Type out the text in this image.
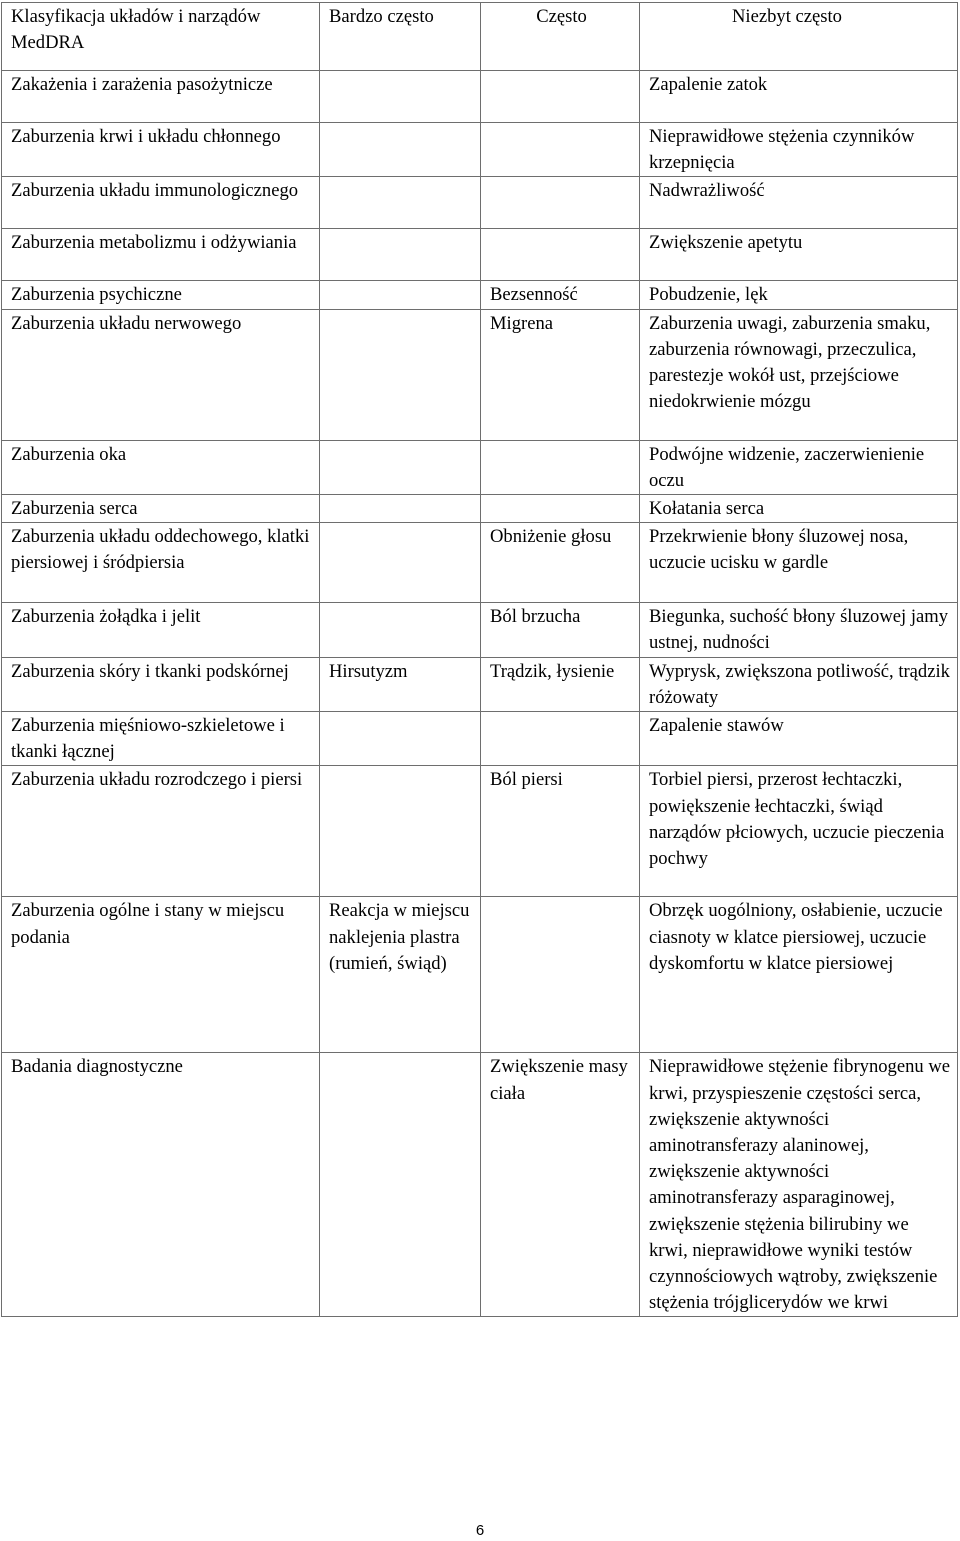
Klasyfikacja układów i narządów MedDRA	Bardzo często	Często	Niezbyt często
Zakażenia i zarażenia pasożytnicze			Zapalenie zatok
Zaburzenia krwi i układu chłonnego			Nieprawidłowe stężenia czynników krzepnięcia
Zaburzenia układu immunologicznego			Nadwrażliwość
Zaburzenia metabolizmu i odżywiania			Zwiększenie apetytu
Zaburzenia psychiczne		Bezsenność	Pobudzenie, lęk
Zaburzenia układu nerwowego		Migrena	Zaburzenia uwagi, zaburzenia smaku, zaburzenia równowagi, przeczulica, parestezje wokół ust, przejściowe niedokrwienie mózgu
Zaburzenia oka			Podwójne widzenie, zaczerwienienie oczu
Zaburzenia serca			Kołatania serca
Zaburzenia układu oddechowego, klatki piersiowej i śródpiersia		Obniżenie głosu	Przekrwienie błony śluzowej nosa, uczucie ucisku w gardle
Zaburzenia żołądka i jelit		Ból brzucha	Biegunka, suchość błony śluzowej jamy ustnej, nudności
Zaburzenia skóry i tkanki podskórnej	Hirsutyzm	Trądzik, łysienie	Wyprysk, zwiększona potliwość, trądzik różowaty
Zaburzenia mięśniowo-szkieletowe i tkanki łącznej			Zapalenie stawów
Zaburzenia układu rozrodczego i piersi		Ból piersi	Torbiel piersi, przerost łechtaczki, powiększenie łechtaczki, świąd narządów płciowych, uczucie pieczenia pochwy
Zaburzenia ogólne i stany w miejscu podania	Reakcja w miejscu naklejenia plastra (rumień, świąd)		Obrzęk uogólniony, osłabienie, uczucie ciasnoty w klatce piersiowej, uczucie dyskomfortu w klatce piersiowej
Badania diagnostyczne		Zwiększenie masy ciała	Nieprawidłowe stężenie fibrynogenu we krwi, przyspieszenie częstości serca, zwiększenie aktywności aminotransferazy alaninowej, zwiększenie aktywności aminotransferazy asparaginowej, zwiększenie stężenia bilirubiny we krwi, nieprawidłowe wyniki testów czynnościowych wątroby, zwiększenie stężenia trójglicerydów we krwi
6
